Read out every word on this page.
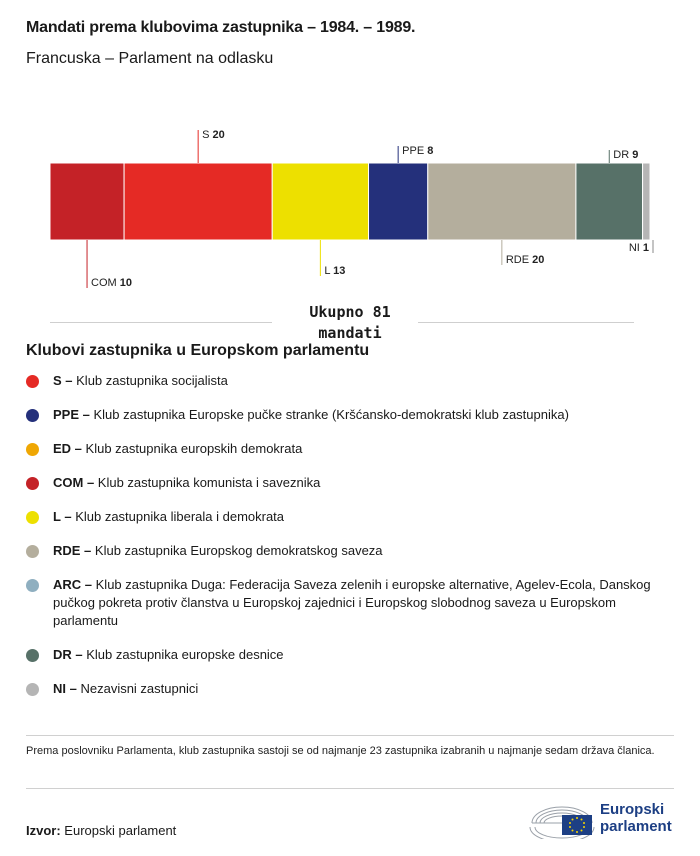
Mandati prema klubovima zastupnika – 1984. – 1989.
Francuska – Parlament na odlasku
COM 10
S 20
L 13
PPE 8
RDE 20
DR 9
NI 1
Ukupno 81
mandati
Klubovi zastupnika u Europskom parlamentu
S – Klub zastupnika socijalista
PPE – Klub zastupnika Europske pučke stranke (Kršćansko-demokratski klub zastupnika)
ED – Klub zastupnika europskih demokrata
COM – Klub zastupnika komunista i saveznika
L – Klub zastupnika liberala i demokrata
RDE – Klub zastupnika Europskog demokratskog saveza
ARC – Klub zastupnika Duga: Federacija Saveza zelenih i europske alternative, Agelev-Ecola, Danskog pučkog pokreta protiv članstva u Europskoj zajednici i Europskog slobodnog saveza u Europskom parlamentu
DR – Klub zastupnika europske desnice
NI – Nezavisni zastupnici
Prema poslovniku Parlamenta, klub zastupnika sastoji se od najmanje 23 zastupnika izabranih u najmanje sedam država članica.
Izvor: Europski parlament
Europski
parlament
